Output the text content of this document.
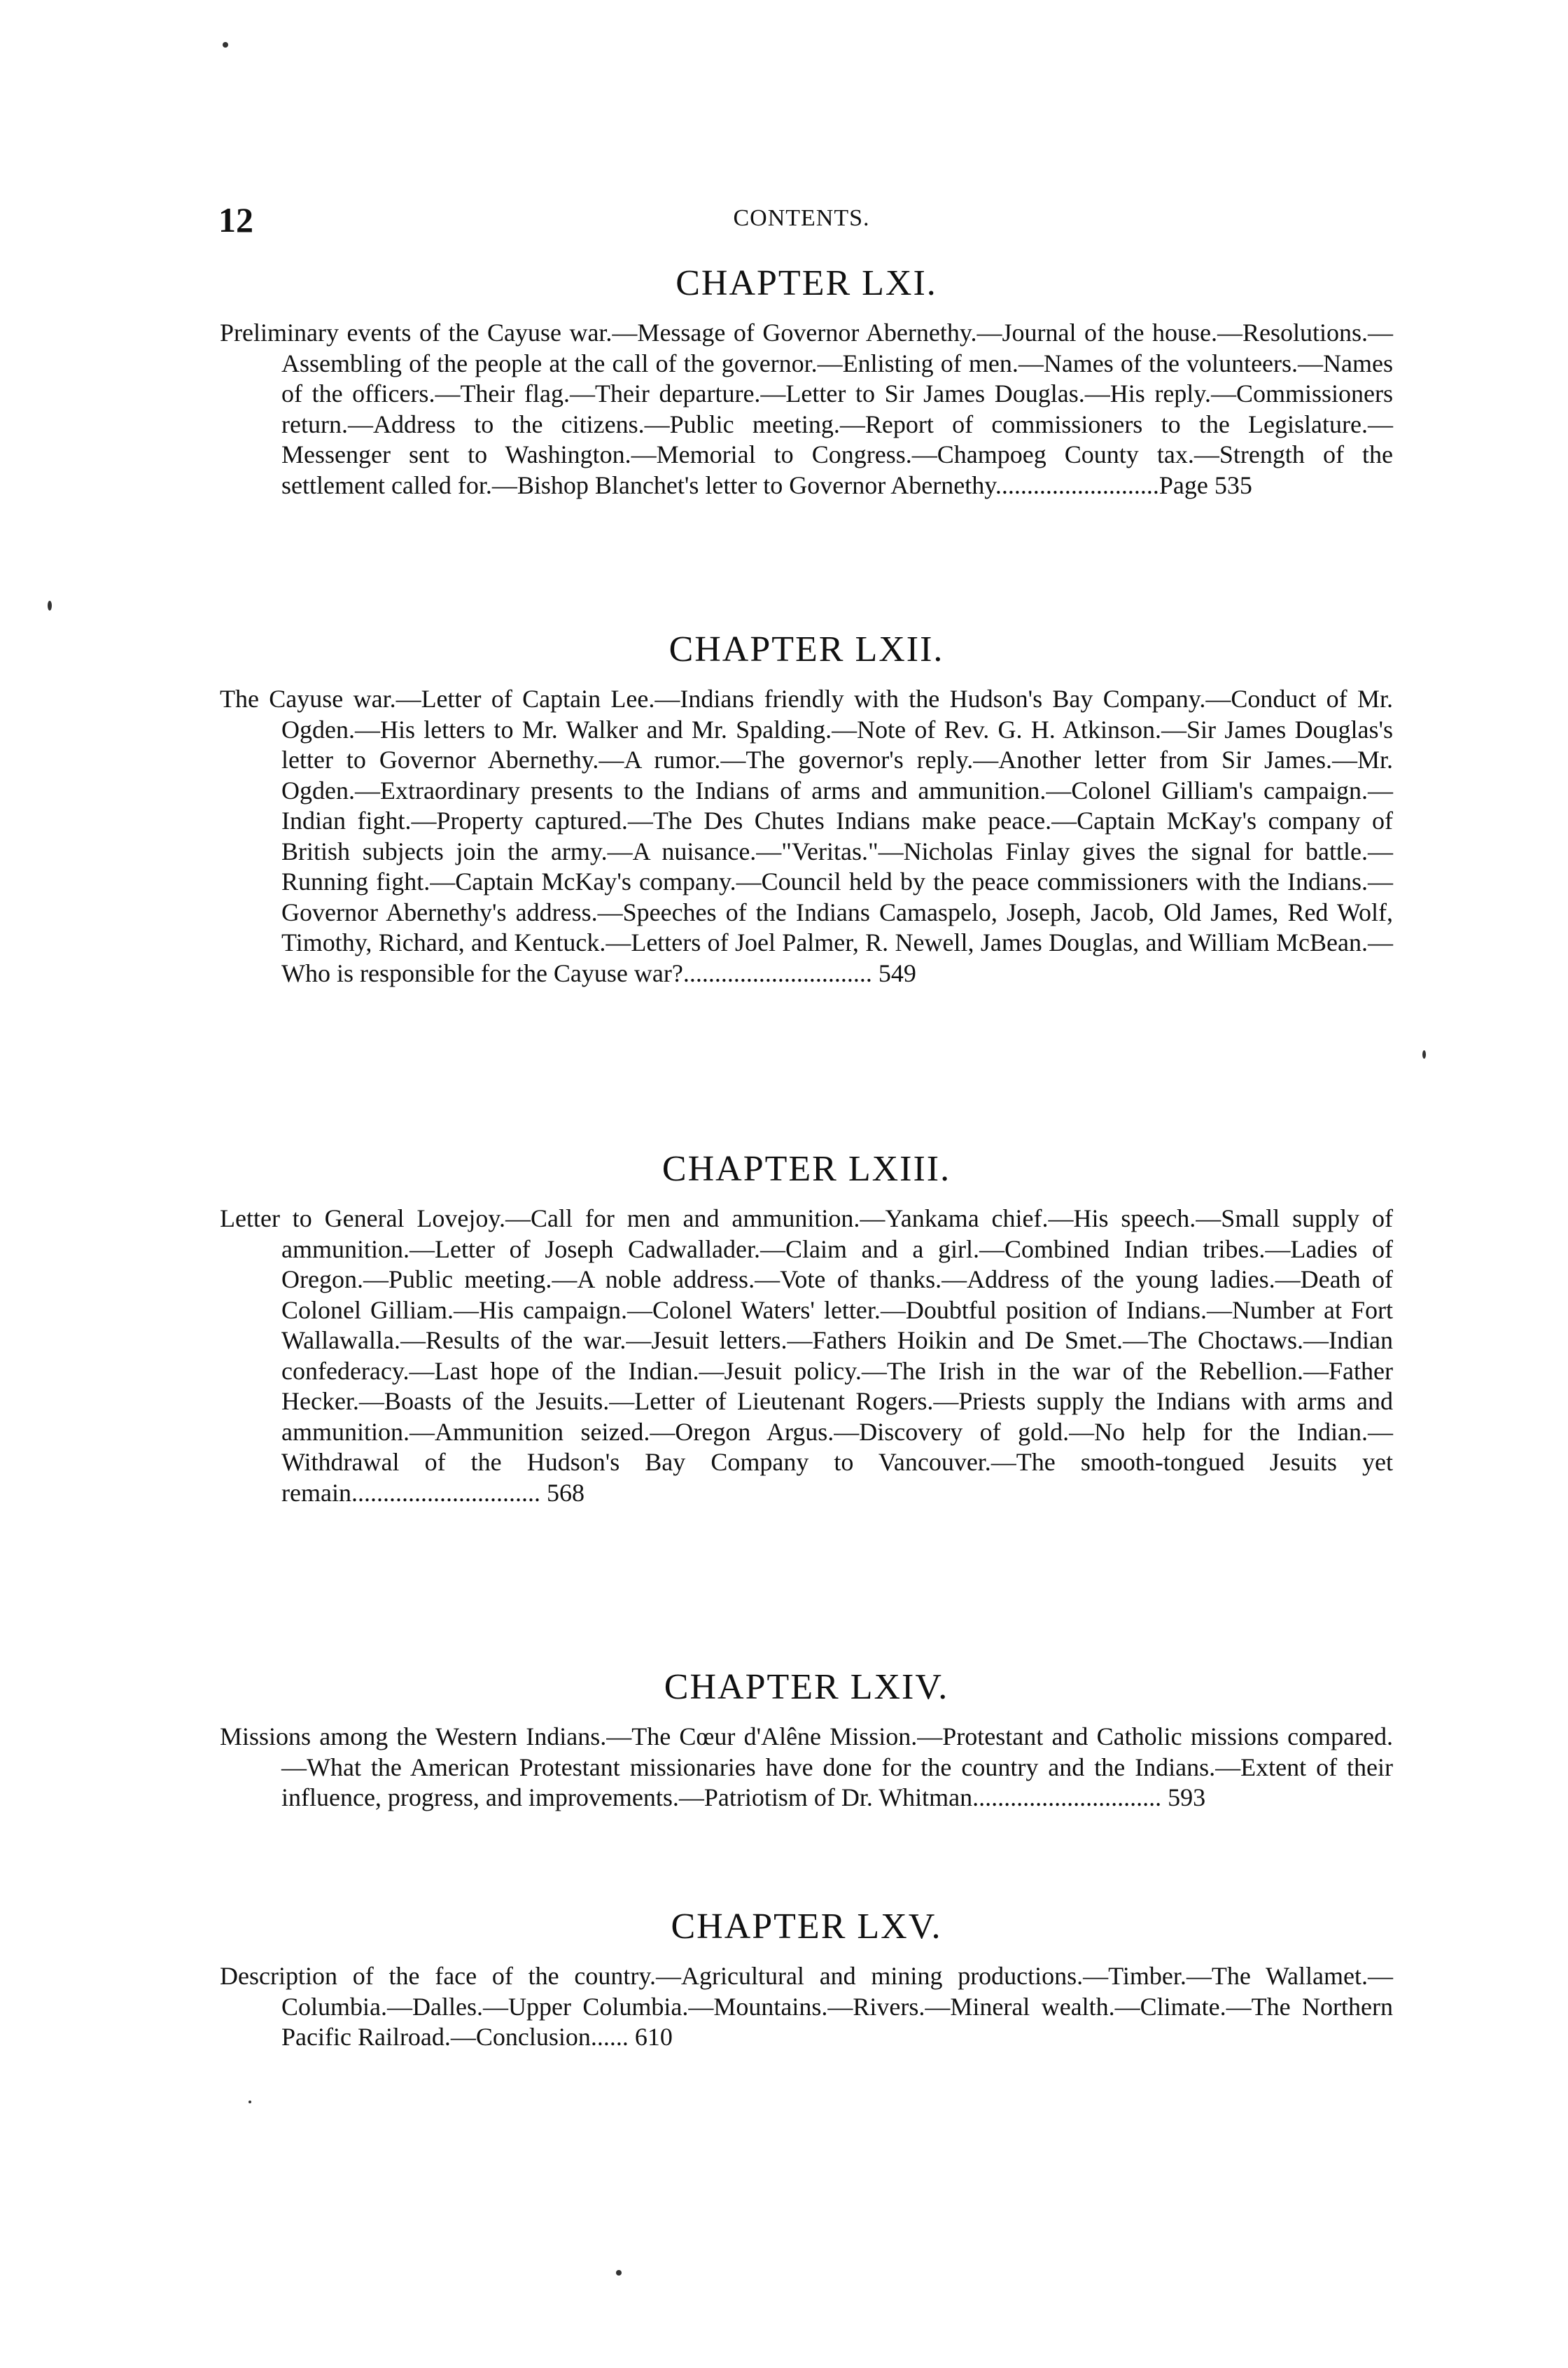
12	CONTENTS.
CHAPTER LXI.

Preliminary events of the Cayuse war.—Message of Governor Abernethy.—Journal of the house.—Resolutions.—Assembling of the people at the call of the governor.—Enlisting of men.—Names of the volunteers.—Names of the officers.—Their flag.—Their departure.—Letter to Sir James Douglas.—His reply.—Commissioners return.—Address to the citizens.—Public meeting.—Report of commissioners to the Legislature.—Messenger sent to Washington.—Memorial to Congress.—Champoeg County tax.—Strength of the settlement called for.—Bishop Blanchet's letter to Governor Abernethy..........................Page 535

CHAPTER LXII.

The Cayuse war.—Letter of Captain Lee.—Indians friendly with the Hudson's Bay Company.—Conduct of Mr. Ogden.—His letters to Mr. Walker and Mr. Spalding.—Note of Rev. G. H. Atkinson.—Sir James Douglas's letter to Governor Abernethy.—A rumor.—The governor's reply.—Another letter from Sir James.—Mr. Ogden.—Extraordinary presents to the Indians of arms and ammunition.—Colonel Gilliam's campaign.—Indian fight.—Property captured.—The Des Chutes Indians make peace.—Captain McKay's company of British subjects join the army.—A nuisance.—"Veritas."—Nicholas Finlay gives the signal for battle.—Running fight.—Captain McKay's company.—Council held by the peace commissioners with the Indians.—Governor Abernethy's address.—Speeches of the Indians Camaspelo, Joseph, Jacob, Old James, Red Wolf, Timothy, Richard, and Kentuck.—Letters of Joel Palmer, R. Newell, James Douglas, and William McBean.—Who is responsible for the Cayuse war?.............................. 549

CHAPTER LXIII.

Letter to General Lovejoy.—Call for men and ammunition.—Yankama chief.—His speech.—Small supply of ammunition.—Letter of Joseph Cadwallader.—Claim and a girl.—Combined Indian tribes.—Ladies of Oregon.—Public meeting.—A noble address.—Vote of thanks.—Address of the young ladies.—Death of Colonel Gilliam.—His campaign.—Colonel Waters' letter.—Doubtful position of Indians.—Number at Fort Wallawalla.—Results of the war.—Jesuit letters.—Fathers Hoikin and De Smet.—The Choctaws.—Indian confederacy.—Last hope of the Indian.—Jesuit policy.—The Irish in the war of the Rebellion.—Father Hecker.—Boasts of the Jesuits.—Letter of Lieutenant Rogers.—Priests supply the Indians with arms and ammunition.—Ammunition seized.—Oregon Argus.—Discovery of gold.—No help for the Indian.—Withdrawal of the Hudson's Bay Company to Vancouver.—The smooth-tongued Jesuits yet remain.............................. 568

CHAPTER LXIV.

Missions among the Western Indians.—The Cœur d'Alêne Mission.—Protestant and Catholic missions compared.—What the American Protestant missionaries have done for the country and the Indians.—Extent of their influence, progress, and improvements.—Patriotism of Dr. Whitman.............................. 593

CHAPTER LXV.

Description of the face of the country.—Agricultural and mining productions.—Timber.—The Wallamet.—Columbia.—Dalles.—Upper Columbia.—Mountains.—Rivers.—Mineral wealth.—Climate.—The Northern Pacific Railroad.—Conclusion...... 610
